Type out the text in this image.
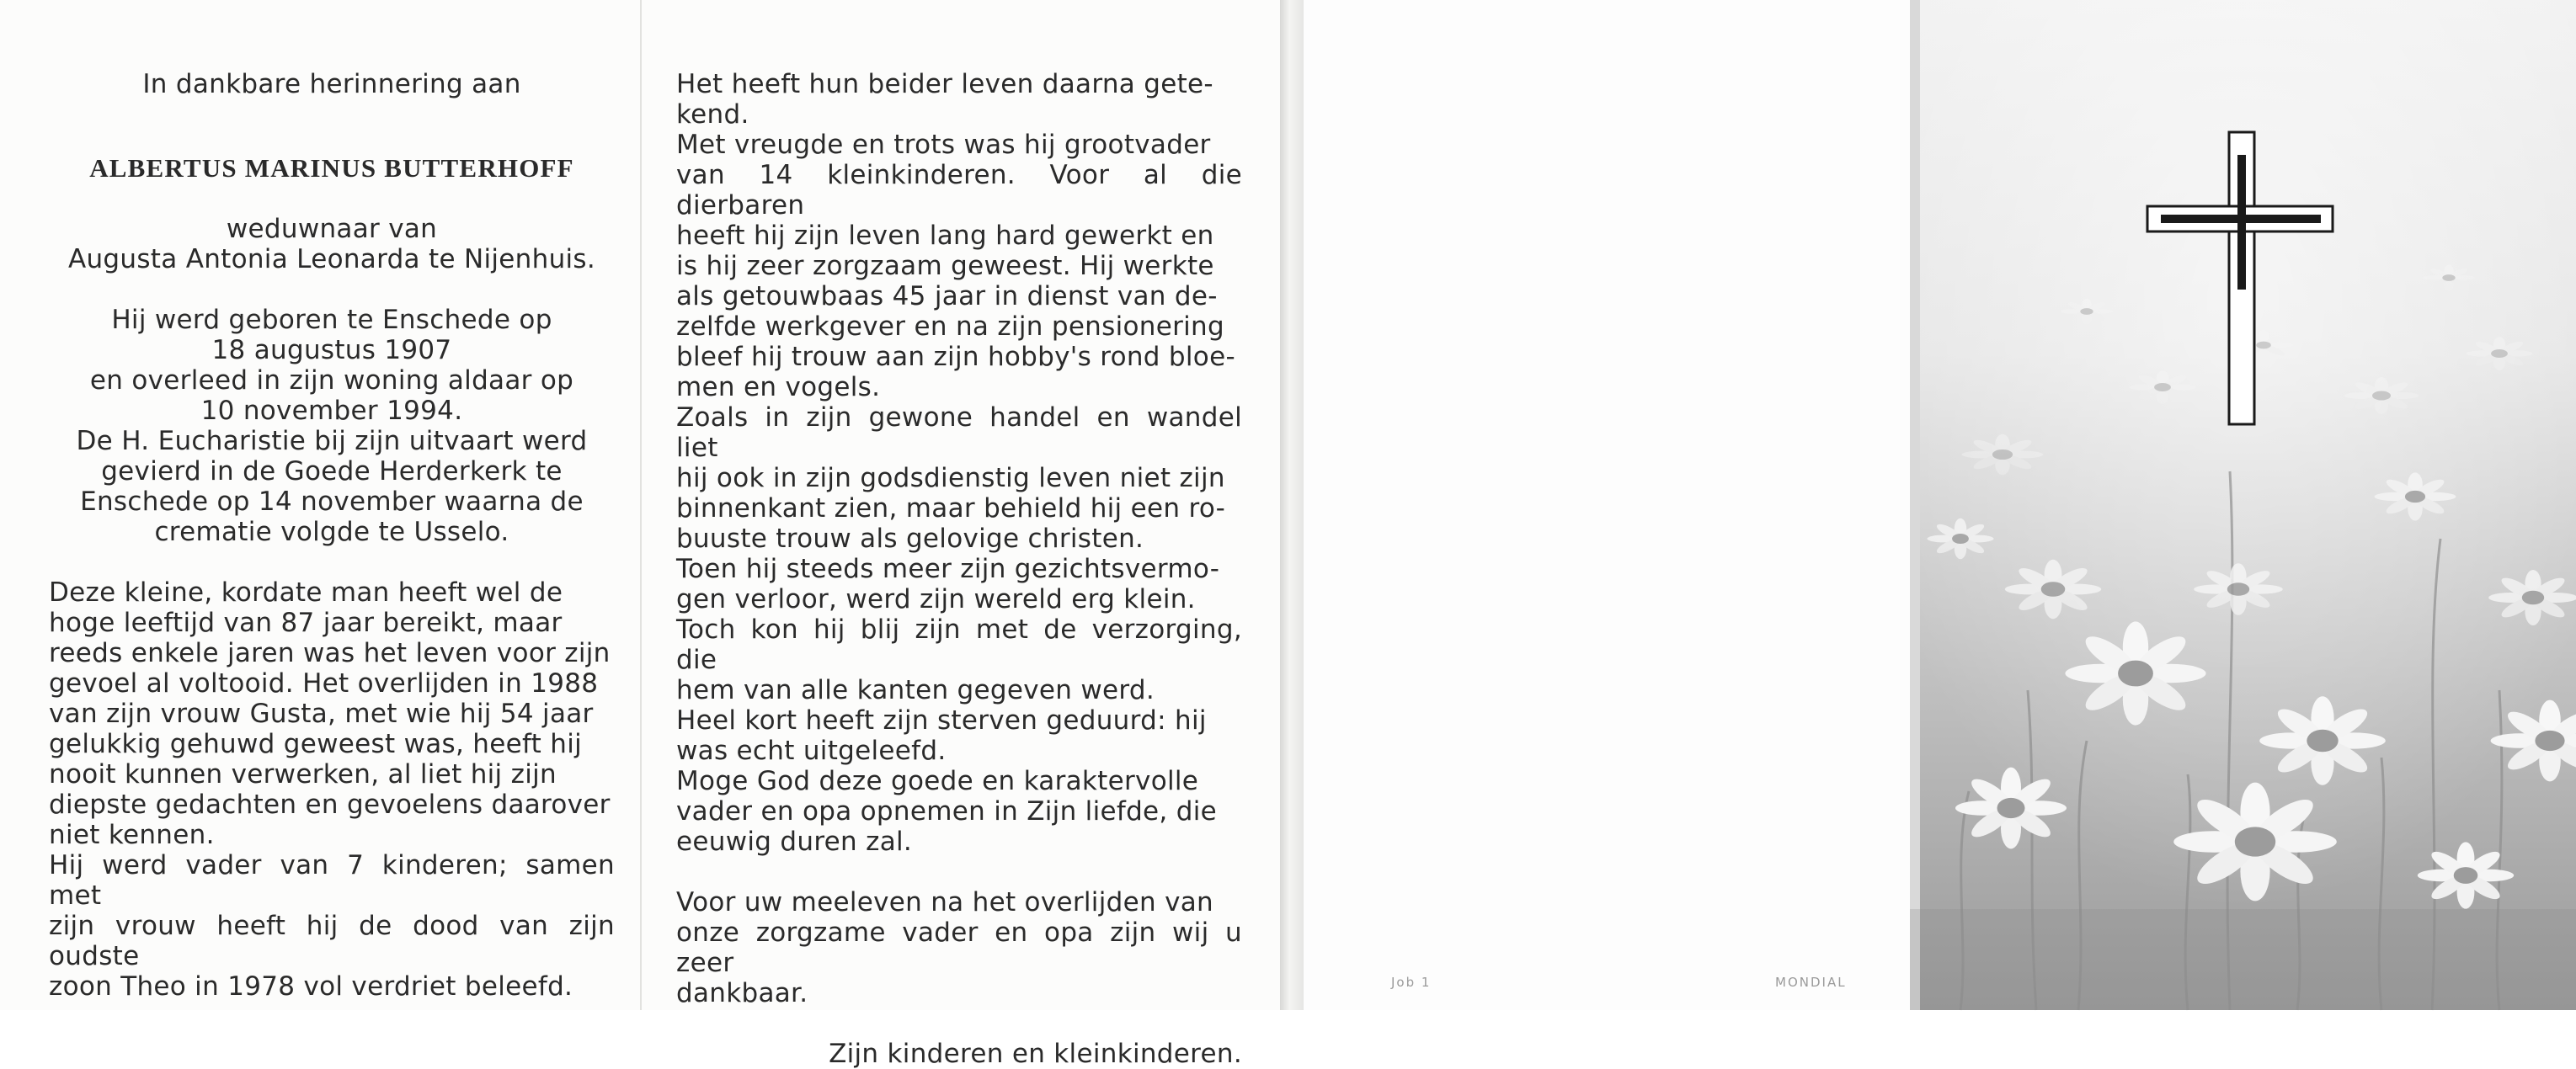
In dankbare herinnering aan
ALBERTUS MARINUS BUTTERHOFF
weduwnaar van
Augusta Antonia Leonarda te Nijenhuis.
Hij werd geboren te Enschede op
18 augustus 1907
en overleed in zijn woning aldaar op
10 november 1994.
De H. Eucharistie bij zijn uitvaart werd
gevierd in de Goede Herderkerk te
Enschede op 14 november waarna de
crematie volgde te Usselo.
Deze kleine, kordate man heeft wel de
hoge leeftijd van 87 jaar bereikt, maar
reeds enkele jaren was het leven voor zijn
gevoel al voltooid. Het overlijden in 1988
van zijn vrouw Gusta, met wie hij 54 jaar
gelukkig gehuwd geweest was, heeft hij
nooit kunnen verwerken, al liet hij zijn
diepste gedachten en gevoelens daarover
niet kennen.
Hij werd vader van 7 kinderen; samen met
zijn vrouw heeft hij de dood van zijn oudste
zoon Theo in 1978 vol verdriet beleefd.
Het heeft hun beider leven daarna gete-
kend.
Met vreugde en trots was hij grootvader
van 14 kleinkinderen. Voor al die dierbaren
heeft hij zijn leven lang hard gewerkt en
is hij zeer zorgzaam geweest. Hij werkte
als getouwbaas 45 jaar in dienst van de-
zelfde werkgever en na zijn pensionering
bleef hij trouw aan zijn hobby's rond bloe-
men en vogels.
Zoals in zijn gewone handel en wandel liet
hij ook in zijn godsdienstig leven niet zijn
binnenkant zien, maar behield hij een ro-
buuste trouw als gelovige christen.
Toen hij steeds meer zijn gezichtsvermo-
gen verloor, werd zijn wereld erg klein.
Toch kon hij blij zijn met de verzorging, die
hem van alle kanten gegeven werd.
Heel kort heeft zijn sterven geduurd: hij
was echt uitgeleefd.
Moge God deze goede en karaktervolle
vader en opa opnemen in Zijn liefde, die
eeuwig duren zal.
Voor uw meeleven na het overlijden van
onze zorgzame vader en opa zijn wij u zeer
dankbaar.
Zijn kinderen en kleinkinderen.
Job 1	MONDIAL
